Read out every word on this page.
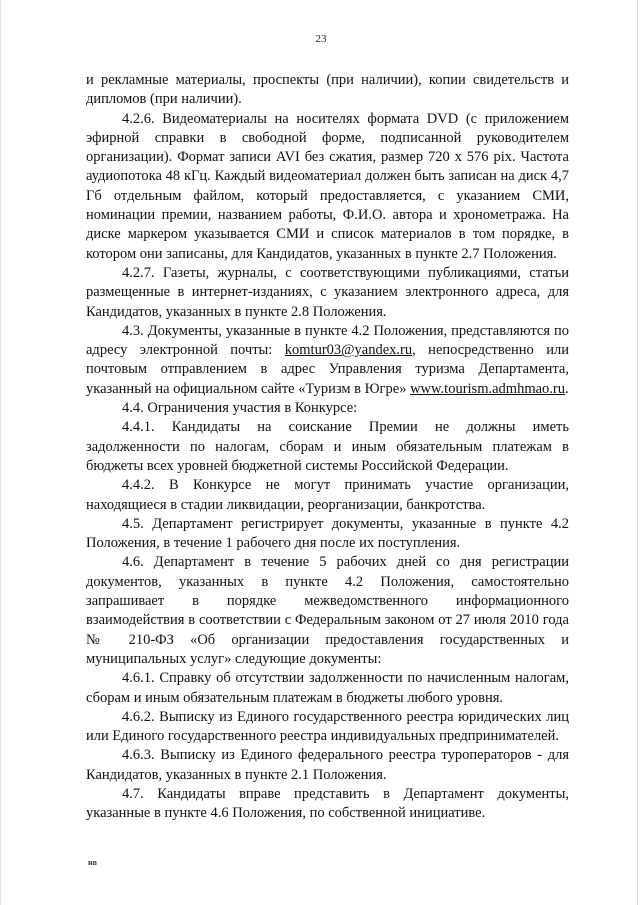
23

и рекламные материалы, проспекты (при наличии), копии свидетельств и дипломов (при наличии).

4.2.6. Видеоматериалы на носителях формата DVD (с приложением эфирной справки в свободной форме, подписанной руководителем организации). Формат записи AVI без сжатия, размер 720 x 576 pix. Частота аудиопотока 48 кГц. Каждый видеоматериал должен быть записан на диск 4,7 Гб отдельным файлом, который предоставляется, с указанием СМИ, номинации премии, названием работы, Ф.И.О. автора и хронометража. На диске маркером указывается СМИ и список материалов в том порядке, в котором они записаны, для Кандидатов, указанных в пункте 2.7 Положения.

4.2.7. Газеты, журналы, с соответствующими публикациями, статьи размещенные в интернет-изданиях, с указанием электронного адреса, для Кандидатов, указанных в пункте 2.8 Положения.

4.3. Документы, указанные в пункте 4.2 Положения, представляются по адресу электронной почты: komtur03@yandex.ru, непосредственно или почтовым отправлением в адрес Управления туризма Департамента, указанный на официальном сайте «Туризм в Югре» www.tourism.admhmao.ru.

4.4. Ограничения участия в Конкурсе:

4.4.1. Кандидаты на соискание Премии не должны иметь задолженности по налогам, сборам и иным обязательным платежам в бюджеты всех уровней бюджетной системы Российской Федерации.

4.4.2. В Конкурсе не могут принимать участие организации, находящиеся в стадии ликвидации, реорганизации, банкротства.

4.5. Департамент регистрирует документы, указанные в пункте 4.2 Положения, в течение 1 рабочего дня после их поступления.

4.6. Департамент в течение 5 рабочих дней со дня регистрации документов, указанных в пункте 4.2 Положения, самостоятельно запрашивает в порядке межведомственного информационного взаимодействия в соответствии с Федеральным законом от 27 июля 2010 года № 210-ФЗ «Об организации предоставления государственных и муниципальных услуг» следующие документы:

4.6.1. Справку об отсутствии задолженности по начисленным налогам, сборам и иным обязательным платежам в бюджеты любого уровня.

4.6.2. Выписку из Единого государственного реестра юридических лиц или Единого государственного реестра индивидуальных предпринимателей.

4.6.3. Выписку из Единого федерального реестра туроператоров - для Кандидатов, указанных в пункте 2.1 Положения.

4.7. Кандидаты вправе представить в Департамент документы, указанные в пункте 4.6 Положения, по собственной инициативе.

нв
